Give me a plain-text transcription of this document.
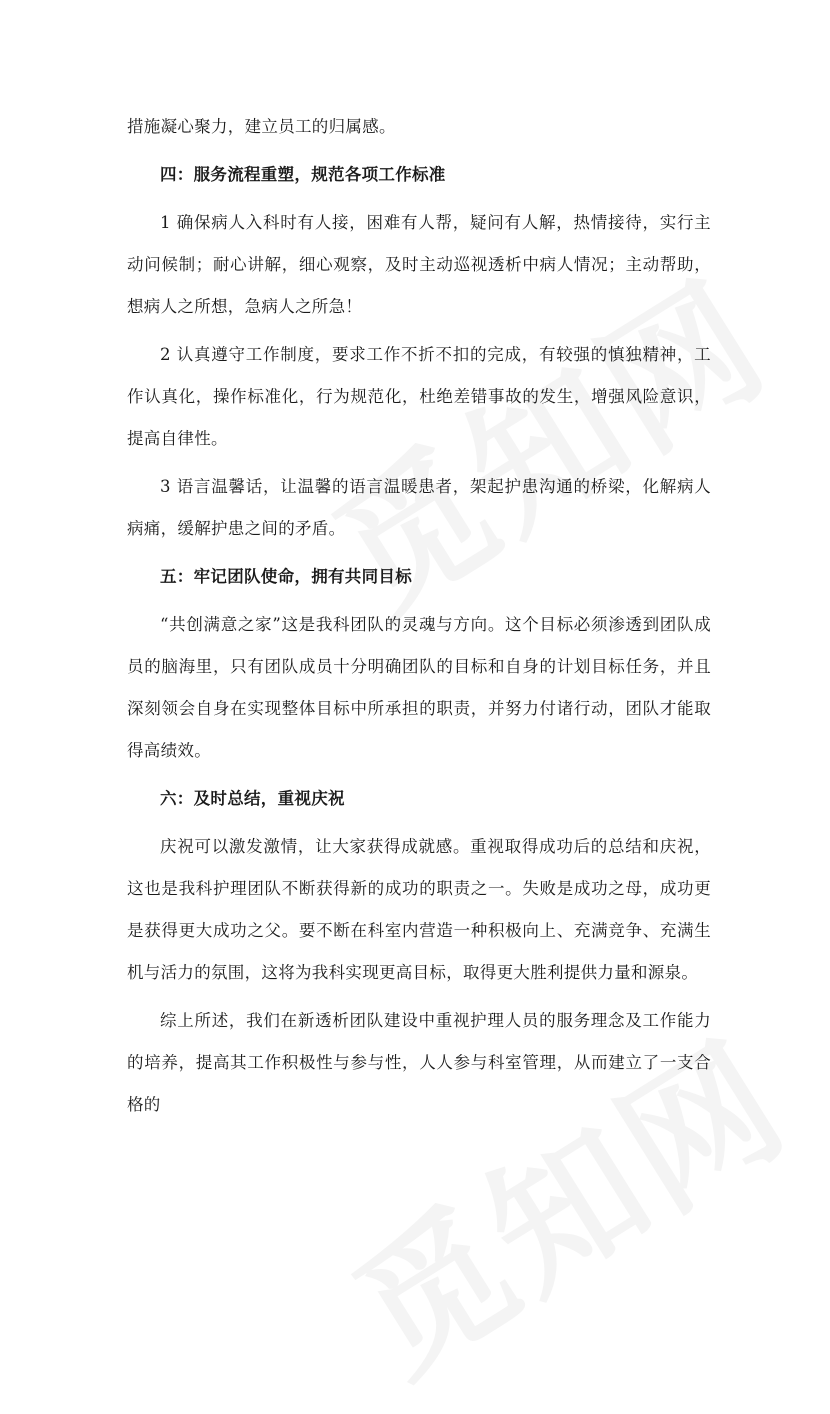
措施凝心聚力，建立员工的归属感。

四：服务流程重塑，规范各项工作标准

1 确保病人入科时有人接，困难有人帮，疑问有人解，热情接待，实行主动问候制；耐心讲解，细心观察，及时主动巡视透析中病人情况；主动帮助，想病人之所想，急病人之所急！

2 认真遵守工作制度，要求工作不折不扣的完成，有较强的慎独精神，工作认真化，操作标准化，行为规范化，杜绝差错事故的发生，增强风险意识，提高自律性。

3 语言温馨话，让温馨的语言温暖患者，架起护患沟通的桥梁，化解病人病痛，缓解护患之间的矛盾。

五：牢记团队使命，拥有共同目标

“共创满意之家”这是我科团队的灵魂与方向。这个目标必须渗透到团队成员的脑海里，只有团队成员十分明确团队的目标和自身的计划目标任务，并且深刻领会自身在实现整体目标中所承担的职责，并努力付诸行动，团队才能取得高绩效。

六：及时总结，重视庆祝

庆祝可以激发激情，让大家获得成就感。重视取得成功后的总结和庆祝，这也是我科护理团队不断获得新的成功的职责之一。失败是成功之母，成功更是获得更大成功之父。要不断在科室内营造一种积极向上、充满竞争、充满生机与活力的氛围，这将为我科实现更高目标，取得更大胜利提供力量和源泉。

综上所述，我们在新透析团队建设中重视护理人员的服务理念及工作能力的培养，提高其工作积极性与参与性，人人参与科室管理，从而建立了一支合格的
